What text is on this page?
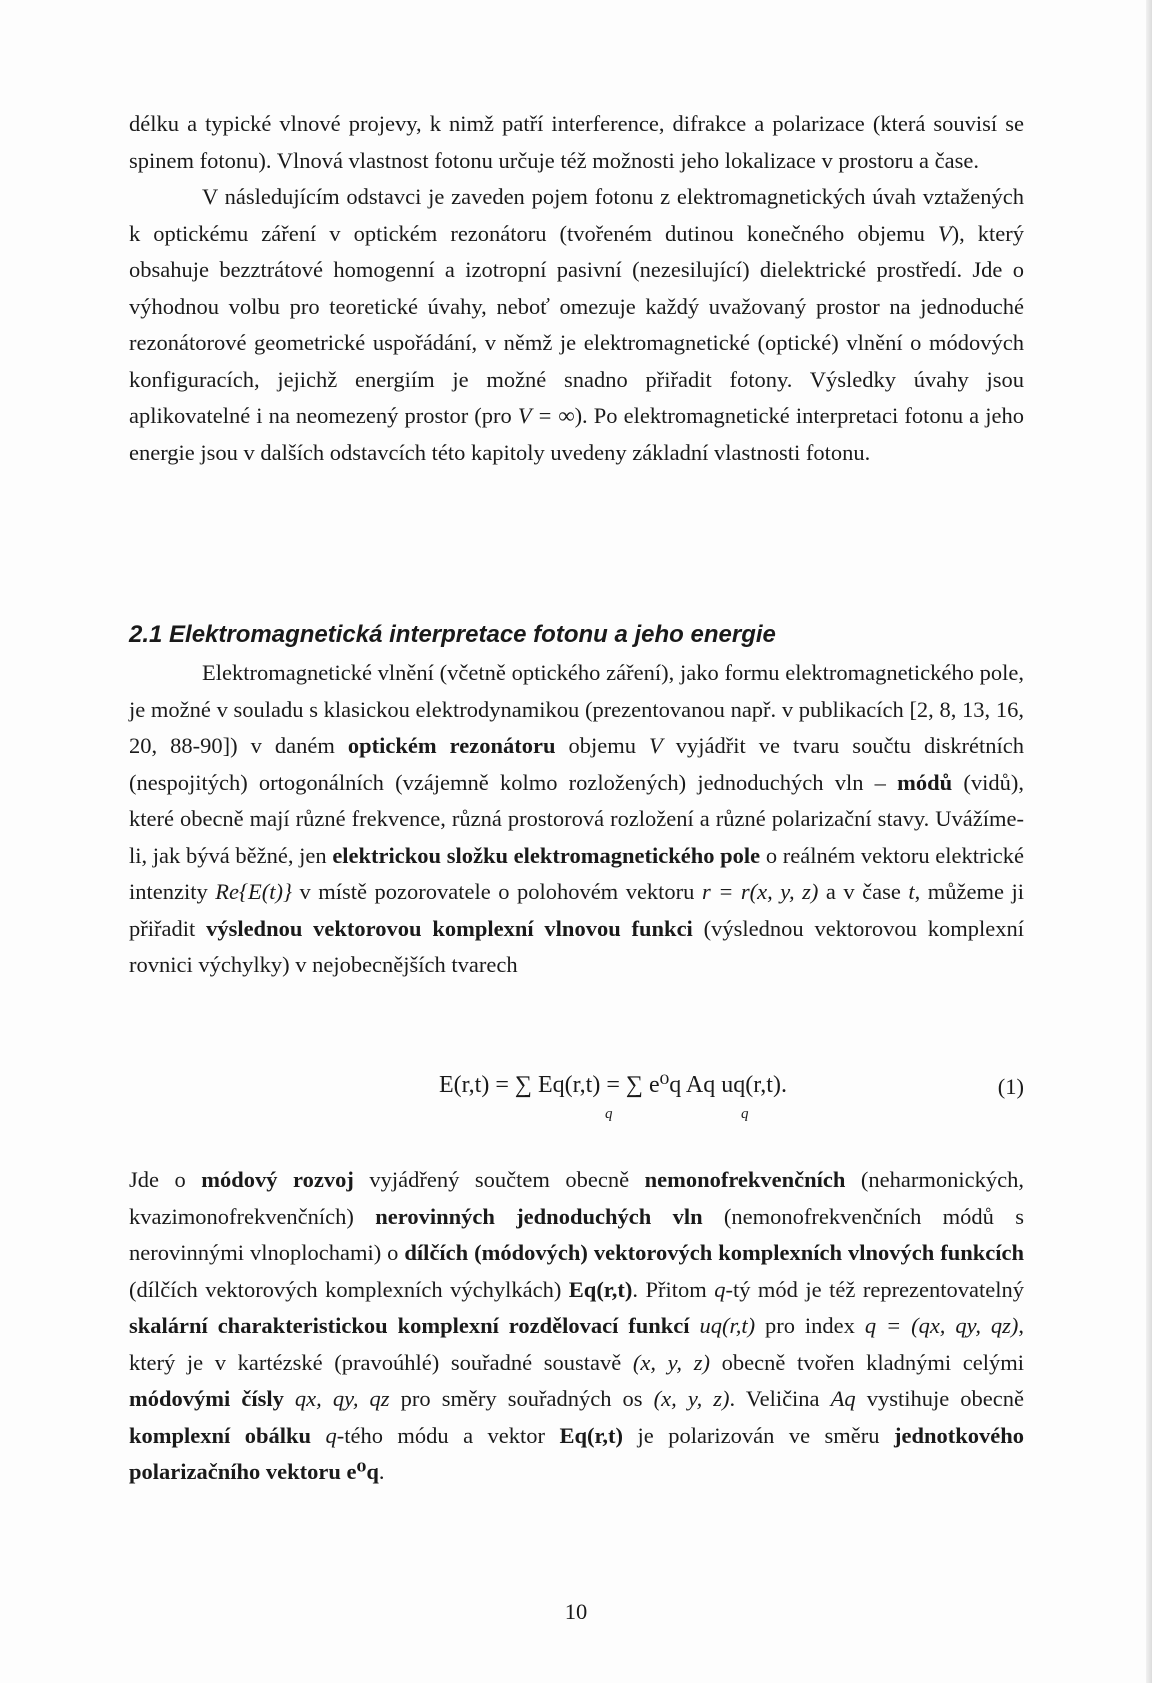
délku a typické vlnové projevy, k nimž patří interference, difrakce a polarizace (která souvisí se spinem fotonu). Vlnová vlastnost fotonu určuje též možnosti jeho lokalizace v prostoru a čase.

V následujícím odstavci je zaveden pojem fotonu z elektromagnetických úvah vztažených k optickému záření v optickém rezonátoru (tvořeném dutinou konečného objemu V), který obsahuje bezztrátové homogenní a izotropní pasivní (nezesilující) dielektrické prostředí. Jde o výhodnou volbu pro teoretické úvahy, neboť omezuje každý uvažovaný prostor na jednoduché rezonátorové geometrické uspořádání, v němž je elektromagnetické (optické) vlnění o módových konfiguracích, jejichž energiím je možné snadno přiřadit fotony. Výsledky úvahy jsou aplikovatelné i na neomezený prostor (pro V = ∞). Po elektromagnetické interpretaci fotonu a jeho energie jsou v dalších odstavcích této kapitoly uvedeny základní vlastnosti fotonu.

2.1 Elektromagnetická interpretace fotonu a jeho energie

Elektromagnetické vlnění (včetně optického záření), jako formu elektromagnetického pole, je možné v souladu s klasickou elektrodynamikou (prezentovanou např. v publikacích [2, 8, 13, 16, 20, 88-90]) v daném optickém rezonátoru objemu V vyjádřit ve tvaru součtu diskrétních (nespojitých) ortogonálních (vzájemně kolmo rozložených) jednoduchých vln – módů (vidů), které obecně mají různé frekvence, různá prostorová rozložení a různé polarizační stavy. Uvážíme-li, jak bývá běžné, jen elektrickou složku elektromagnetického pole o reálném vektoru elektrické intenzity Re{E(t)} v místě pozorovatele o polohovém vektoru r = r(x, y, z) a v čase t, můžeme ji přiřadit výslednou vektorovou komplexní vlnovou funkci (výslednou vektorovou komplexní rovnici výchylky) v nejobecnějších tvarech

E(r,t) = ∑ Eq(r,t) = ∑ e⁰q Aq uq(r,t).
q	q
(1)

Jde o módový rozvoj vyjádřený součtem obecně nemonofrekvenčních (neharmonických, kvazimonofrekvenčních) nerovinných jednoduchých vln (nemonofrekvenčních módů s nerovinnými vlnoplochami) o dílčích (módových) vektorových komplexních vlnových funkcích (dílčích vektorových komplexních výchylkách) Eq(r,t). Přitom q-tý mód je též reprezentovatelný skalární charakteristickou komplexní rozdělovací funkcí uq(r,t) pro index q = (qx, qy, qz), který je v kartézské (pravoúhlé) souřadné soustavě (x, y, z) obecně tvořen kladnými celými módovými čísly qx, qy, qz pro směry souřadných os (x, y, z). Veličina Aq vystihuje obecně komplexní obálku q-tého módu a vektor Eq(r,t) je polarizován ve směru jednotkového polarizačního vektoru e⁰q.

10
